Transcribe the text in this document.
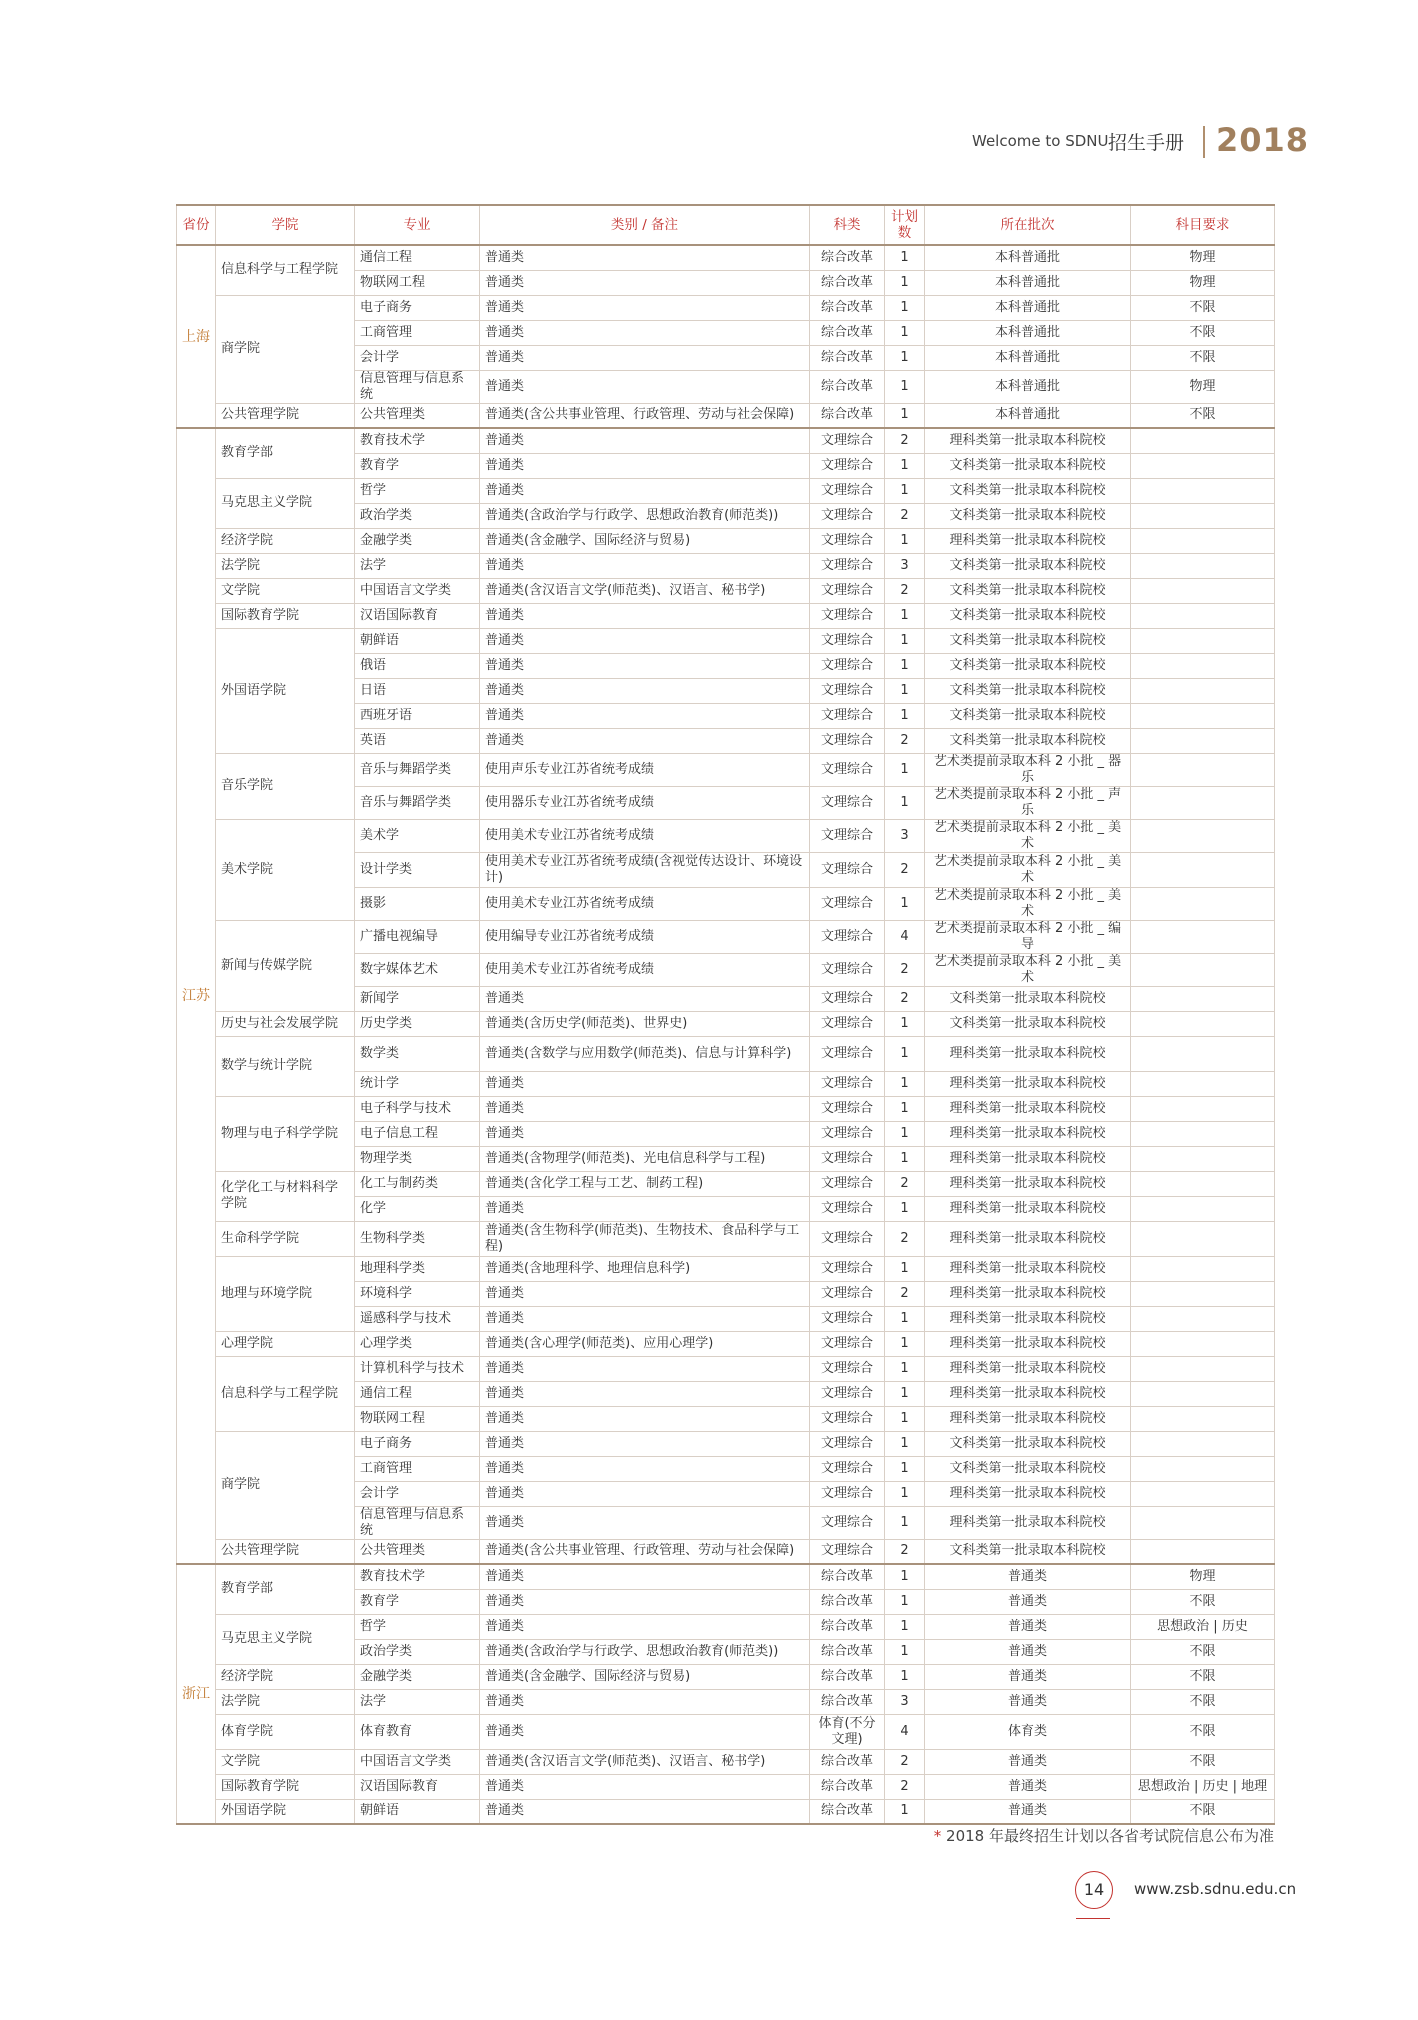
Welcome to SDNU 招生手册 2018
省份	学院	专业	类别 / 备注	科类	计划数	所在批次	科目要求
上海	信息科学与工程学院	通信工程	普通类	综合改革	1	本科普通批	物理
		物联网工程	普通类	综合改革	1	本科普通批	物理
	商学院	电子商务	普通类	综合改革	1	本科普通批	不限
		工商管理	普通类	综合改革	1	本科普通批	不限
		会计学	普通类	综合改革	1	本科普通批	不限
		信息管理与信息系统	普通类	综合改革	1	本科普通批	物理
	公共管理学院	公共管理类	普通类(含公共事业管理、行政管理、劳动与社会保障)	综合改革	1	本科普通批	不限
江苏	教育学部	教育技术学	普通类	文理综合	2	理科类第一批录取本科院校	
		教育学	普通类	文理综合	1	文科类第一批录取本科院校	
	马克思主义学院	哲学	普通类	文理综合	1	文科类第一批录取本科院校	
		政治学类	普通类(含政治学与行政学、思想政治教育(师范类))	文理综合	2	文科类第一批录取本科院校	
	经济学院	金融学类	普通类(含金融学、国际经济与贸易)	文理综合	1	理科类第一批录取本科院校	
	法学院	法学	普通类	文理综合	3	文科类第一批录取本科院校	
	文学院	中国语言文学类	普通类(含汉语言文学(师范类)、汉语言、秘书学)	文理综合	2	文科类第一批录取本科院校	
	国际教育学院	汉语国际教育	普通类	文理综合	1	文科类第一批录取本科院校	
	外国语学院	朝鲜语	普通类	文理综合	1	文科类第一批录取本科院校	
		俄语	普通类	文理综合	1	文科类第一批录取本科院校	
		日语	普通类	文理综合	1	文科类第一批录取本科院校	
		西班牙语	普通类	文理综合	1	文科类第一批录取本科院校	
		英语	普通类	文理综合	2	文科类第一批录取本科院校	
	音乐学院	音乐与舞蹈学类	使用声乐专业江苏省统考成绩	文理综合	1	艺术类提前录取本科 2 小批 _ 器乐	
		音乐与舞蹈学类	使用器乐专业江苏省统考成绩	文理综合	1	艺术类提前录取本科 2 小批 _ 声乐	
	美术学院	美术学	使用美术专业江苏省统考成绩	文理综合	3	艺术类提前录取本科 2 小批 _ 美术	
		设计学类	使用美术专业江苏省统考成绩(含视觉传达设计、环境设计)	文理综合	2	艺术类提前录取本科 2 小批 _ 美术	
		摄影	使用美术专业江苏省统考成绩	文理综合	1	艺术类提前录取本科 2 小批 _ 美术	
	新闻与传媒学院	广播电视编导	使用编导专业江苏省统考成绩	文理综合	4	艺术类提前录取本科 2 小批 _ 编导	
		数字媒体艺术	使用美术专业江苏省统考成绩	文理综合	2	艺术类提前录取本科 2 小批 _ 美术	
		新闻学	普通类	文理综合	2	文科类第一批录取本科院校	
	历史与社会发展学院	历史学类	普通类(含历史学(师范类)、世界史)	文理综合	1	文科类第一批录取本科院校	
	数学与统计学院	数学类	普通类(含数学与应用数学(师范类)、信息与计算科学)	文理综合	1	理科类第一批录取本科院校	
		统计学	普通类	文理综合	1	理科类第一批录取本科院校	
	物理与电子科学学院	电子科学与技术	普通类	文理综合	1	理科类第一批录取本科院校	
		电子信息工程	普通类	文理综合	1	理科类第一批录取本科院校	
		物理学类	普通类(含物理学(师范类)、光电信息科学与工程)	文理综合	1	理科类第一批录取本科院校	
	化学化工与材料科学学院	化工与制药类	普通类(含化学工程与工艺、制药工程)	文理综合	2	理科类第一批录取本科院校	
		化学	普通类	文理综合	1	理科类第一批录取本科院校	
	生命科学学院	生物科学类	普通类(含生物科学(师范类)、生物技术、食品科学与工程)	文理综合	2	理科类第一批录取本科院校	
	地理与环境学院	地理科学类	普通类(含地理科学、地理信息科学)	文理综合	1	理科类第一批录取本科院校	
		环境科学	普通类	文理综合	2	理科类第一批录取本科院校	
		遥感科学与技术	普通类	文理综合	1	理科类第一批录取本科院校	
	心理学院	心理学类	普通类(含心理学(师范类)、应用心理学)	文理综合	1	理科类第一批录取本科院校	
	信息科学与工程学院	计算机科学与技术	普通类	文理综合	1	理科类第一批录取本科院校	
		通信工程	普通类	文理综合	1	理科类第一批录取本科院校	
		物联网工程	普通类	文理综合	1	理科类第一批录取本科院校	
	商学院	电子商务	普通类	文理综合	1	文科类第一批录取本科院校	
		工商管理	普通类	文理综合	1	文科类第一批录取本科院校	
		会计学	普通类	文理综合	1	理科类第一批录取本科院校	
		信息管理与信息系统	普通类	文理综合	1	理科类第一批录取本科院校	
	公共管理学院	公共管理类	普通类(含公共事业管理、行政管理、劳动与社会保障)	文理综合	2	文科类第一批录取本科院校	
浙江	教育学部	教育技术学	普通类	综合改革	1	普通类	物理
		教育学	普通类	综合改革	1	普通类	不限
	马克思主义学院	哲学	普通类	综合改革	1	普通类	思想政治 | 历史
		政治学类	普通类(含政治学与行政学、思想政治教育(师范类))	综合改革	1	普通类	不限
	经济学院	金融学类	普通类(含金融学、国际经济与贸易)	综合改革	1	普通类	不限
	法学院	法学	普通类	综合改革	3	普通类	不限
	体育学院	体育教育	普通类	体育(不分文理)	4	体育类	不限
	文学院	中国语言文学类	普通类(含汉语言文学(师范类)、汉语言、秘书学)	综合改革	2	普通类	不限
	国际教育学院	汉语国际教育	普通类	综合改革	2	普通类	思想政治 | 历史 | 地理
	外国语学院	朝鲜语	普通类	综合改革	1	普通类	不限
* 2018 年最终招生计划以各省考试院信息公布为准
14	www.zsb.sdnu.edu.cn
